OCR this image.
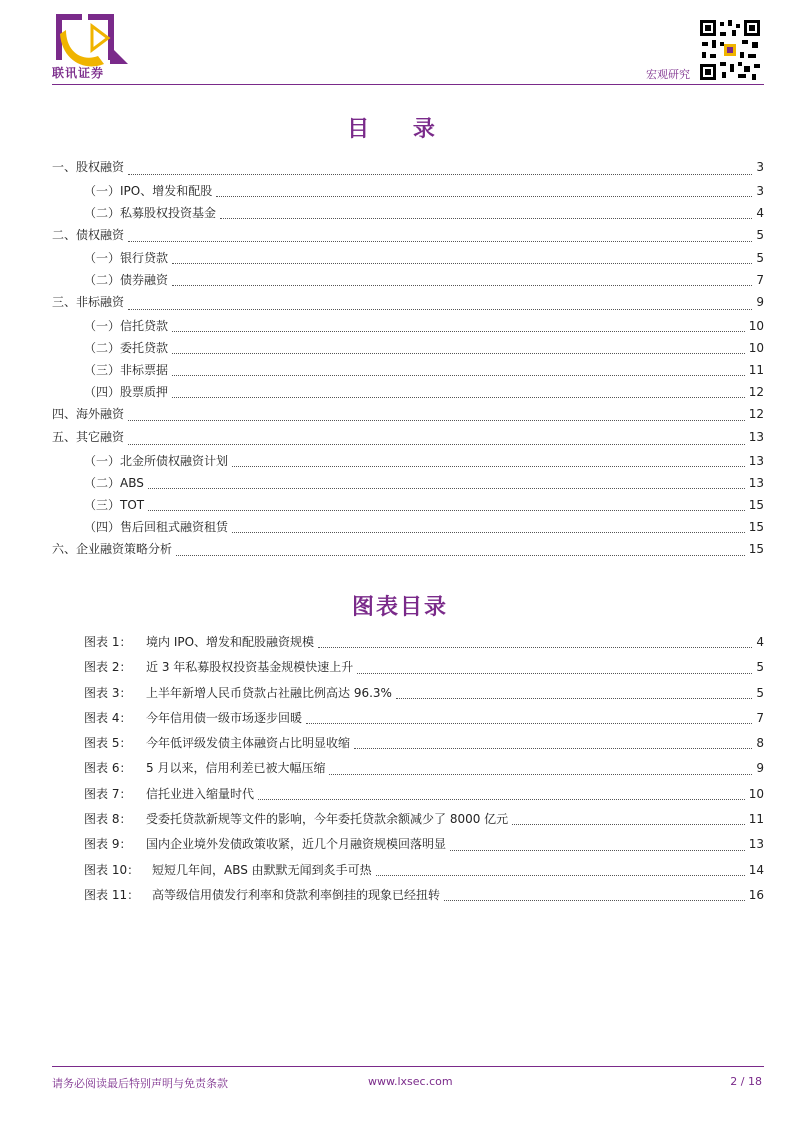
联讯证券	宏观研究
目 录
一、股权融资	3
（一）IPO、增发和配股	3
（二）私募股权投资基金	4
二、债权融资	5
（一）银行贷款	5
（二）债券融资	7
三、非标融资	9
（一）信托贷款	10
（二）委托贷款	10
（三）非标票据	11
（四）股票质押	12
四、海外融资	12
五、其它融资	13
（一）北金所债权融资计划	13
（二）ABS	13
（三）TOT	15
（四）售后回租式融资租赁	15
六、企业融资策略分析	15
图表目录
图表 1：	境内 IPO、增发和配股融资规模	4
图表 2：	近 3 年私募股权投资基金规模快速上升	5
图表 3：	上半年新增人民币贷款占社融比例高达 96.3%	5
图表 4：	今年信用债一级市场逐步回暖	7
图表 5：	今年低评级发债主体融资占比明显收缩	8
图表 6：	5 月以来，信用利差已被大幅压缩	9
图表 7：	信托业进入缩量时代	10
图表 8：	受委托贷款新规等文件的影响，今年委托贷款余额减少了 8000 亿元	11
图表 9：	国内企业境外发债政策收紧，近几个月融资规模回落明显	13
图表 10：	短短几年间，ABS 由默默无闻到炙手可热	14
图表 11：	高等级信用债发行利率和贷款利率倒挂的现象已经扭转	16
请务必阅读最后特别声明与免责条款	www.lxsec.com	2 / 18
